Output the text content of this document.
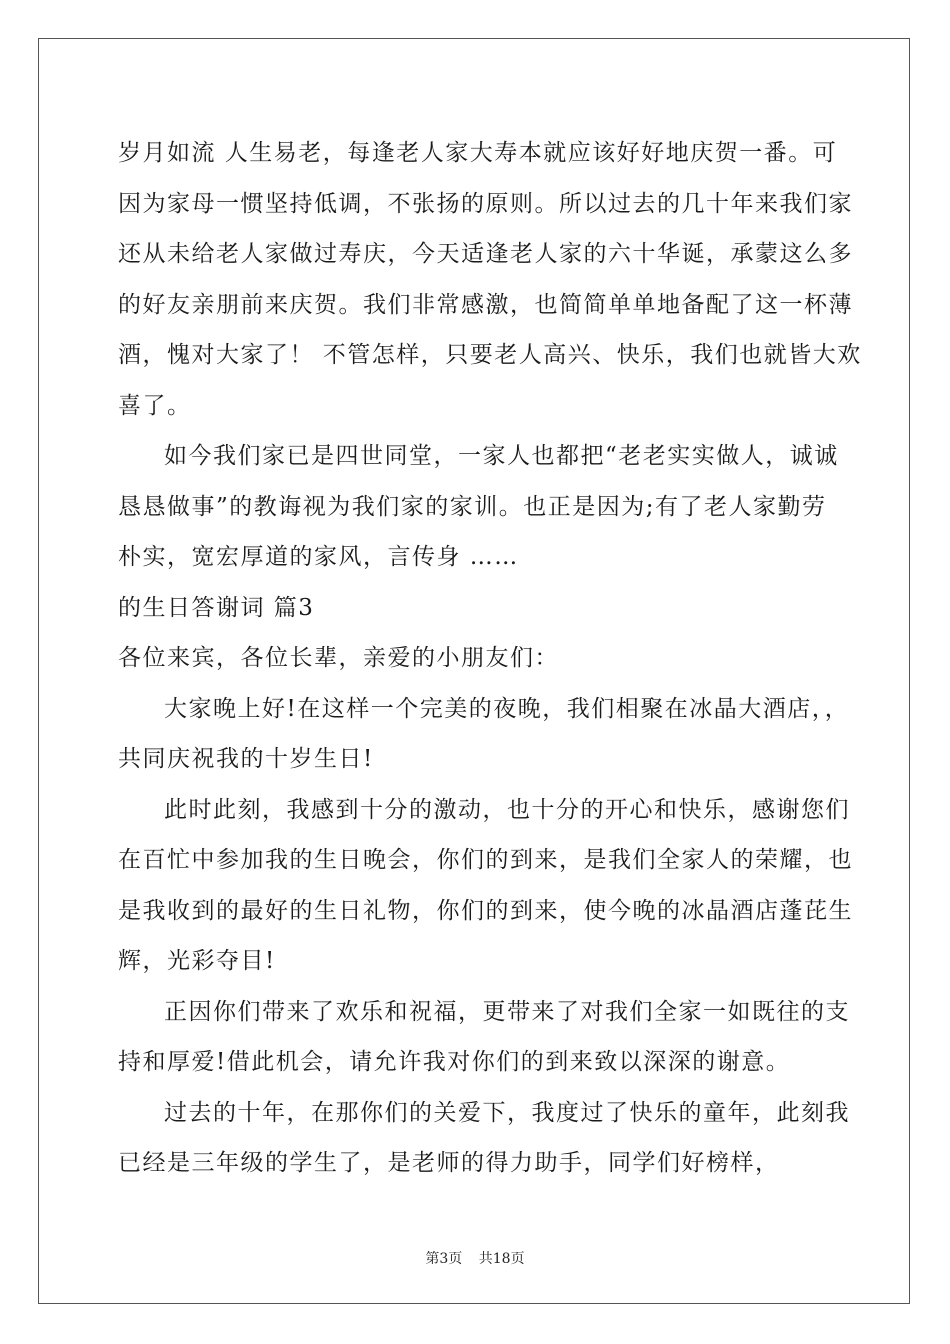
岁月如流 人生易老，每逢老人家大寿本就应该好好地庆贺一番。可
因为家母一惯坚持低调，不张扬的原则。所以过去的几十年来我们家
还从未给老人家做过寿庆，今天适逢老人家的六十华诞，承蒙这么多
的好友亲朋前来庆贺。我们非常感激，也简简单单地备配了这一杯薄
酒，愧对大家了！ 不管怎样，只要老人高兴、快乐，我们也就皆大欢
喜了。
如今我们家已是四世同堂，一家人也都把“老老实实做人，诚诚
恳恳做事”的教诲视为我们家的家训。也正是因为;有了老人家勤劳
朴实，宽宏厚道的家风，言传身 ……
的生日答谢词 篇3
各位来宾，各位长辈，亲爱的小朋友们：
大家晚上好!在这样一个完美的夜晚，我们相聚在冰晶大酒店，，
共同庆祝我的十岁生日!
此时此刻，我感到十分的激动，也十分的开心和快乐，感谢您们
在百忙中参加我的生日晚会，你们的到来，是我们全家人的荣耀，也
是我收到的最好的生日礼物，你们的到来，使今晚的冰晶酒店蓬芘生
辉，光彩夺目!
正因你们带来了欢乐和祝福，更带来了对我们全家一如既往的支
持和厚爱!借此机会，请允许我对你们的到来致以深深的谢意。
过去的十年，在那你们的关爱下，我度过了快乐的童年，此刻我
已经是三年级的学生了，是老师的得力助手，同学们好榜样，
第3页 共18页
